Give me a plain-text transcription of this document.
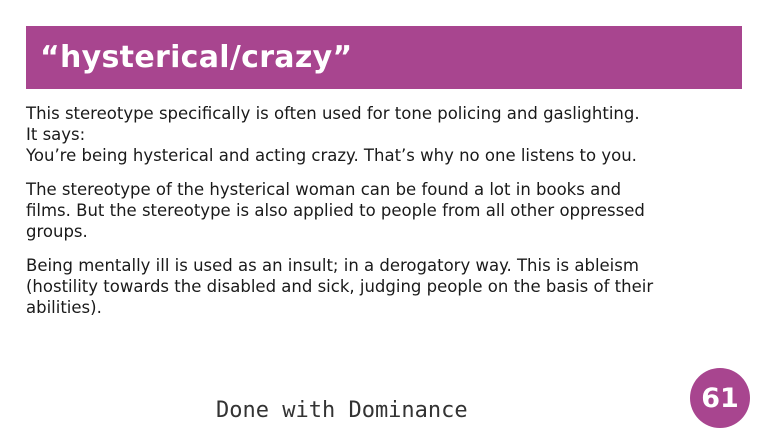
“hysterical/crazy”

This stereotype specifically is often used for tone policing and gaslighting.
It says:
You’re being hysterical and acting crazy. That’s why no one listens to you.

The stereotype of the hysterical woman can be found a lot in books and
films. But the stereotype is also applied to people from all other oppressed
groups.

Being mentally ill is used as an insult; in a derogatory way. This is ableism
(hostility towards the disabled and sick, judging people on the basis of their
abilities).

Done with Dominance	61
